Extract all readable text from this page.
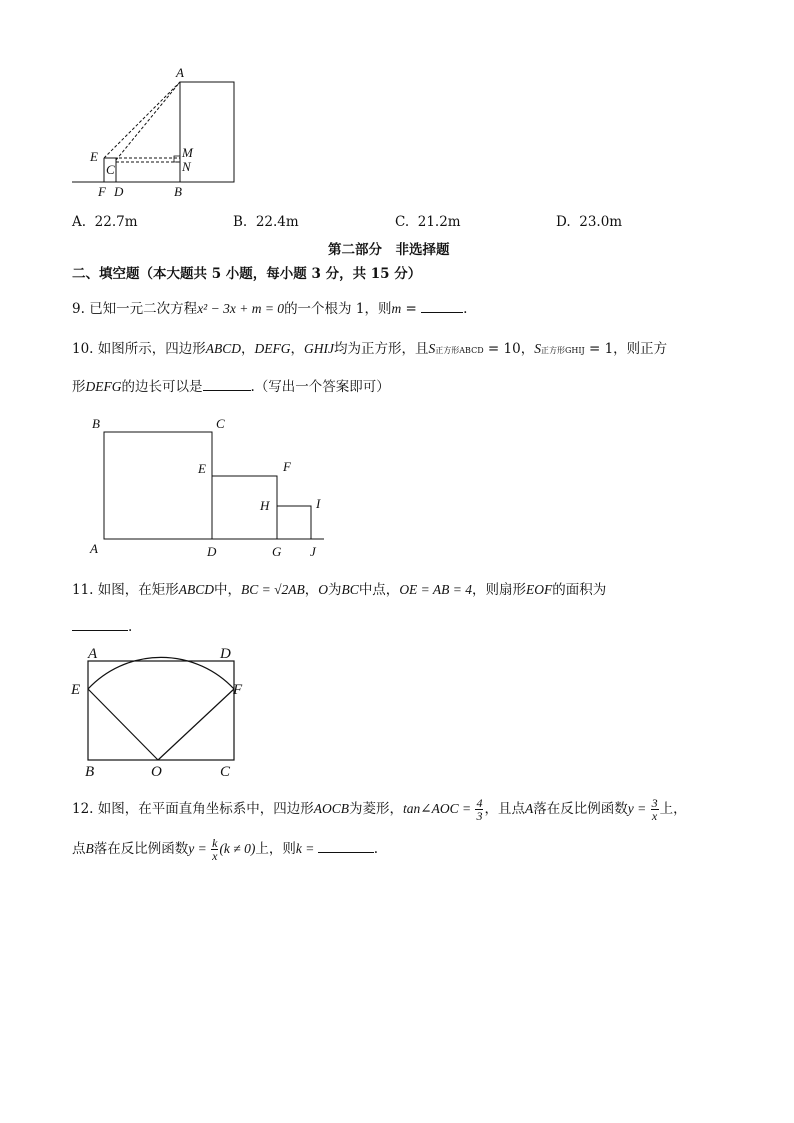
A
E
C
M
N
F D	B
A. 22.7m	B. 22.4m	C. 21.2m	D. 23.0m
第二部分　非选择题
二、填空题（本大题共 5 小题，每小题 3 分，共 15 分）
9. 已知一元二次方程x² − 3x + m = 0的一个根为 1，则m =	.
10. 如图所示，四边形ABCD，DEFG，GHIJ均为正方形，且S正方形ABCD = 10，S正方形GHIJ = 1，则正方
形DEFG的边长可以是	.（写出一个答案即可）
B	C
E	F
H	I
A	D	G J
11. 如图，在矩形ABCD中，BC = √2AB，O为BC中点，OE = AB = 4，则扇形EOF的面积为
.
A	D
E	F
B	O	C
12. 如图，在平面直角坐标系中，四边形AOCB为菱形，tan∠AOC = $\frac{4}{3}$ ，且点A落在反比例函数$y = \frac{3}{x}$ 上，
点B落在反比例函数$y = \frac{k}{x} (k \ne 0)$上，则k =	.
